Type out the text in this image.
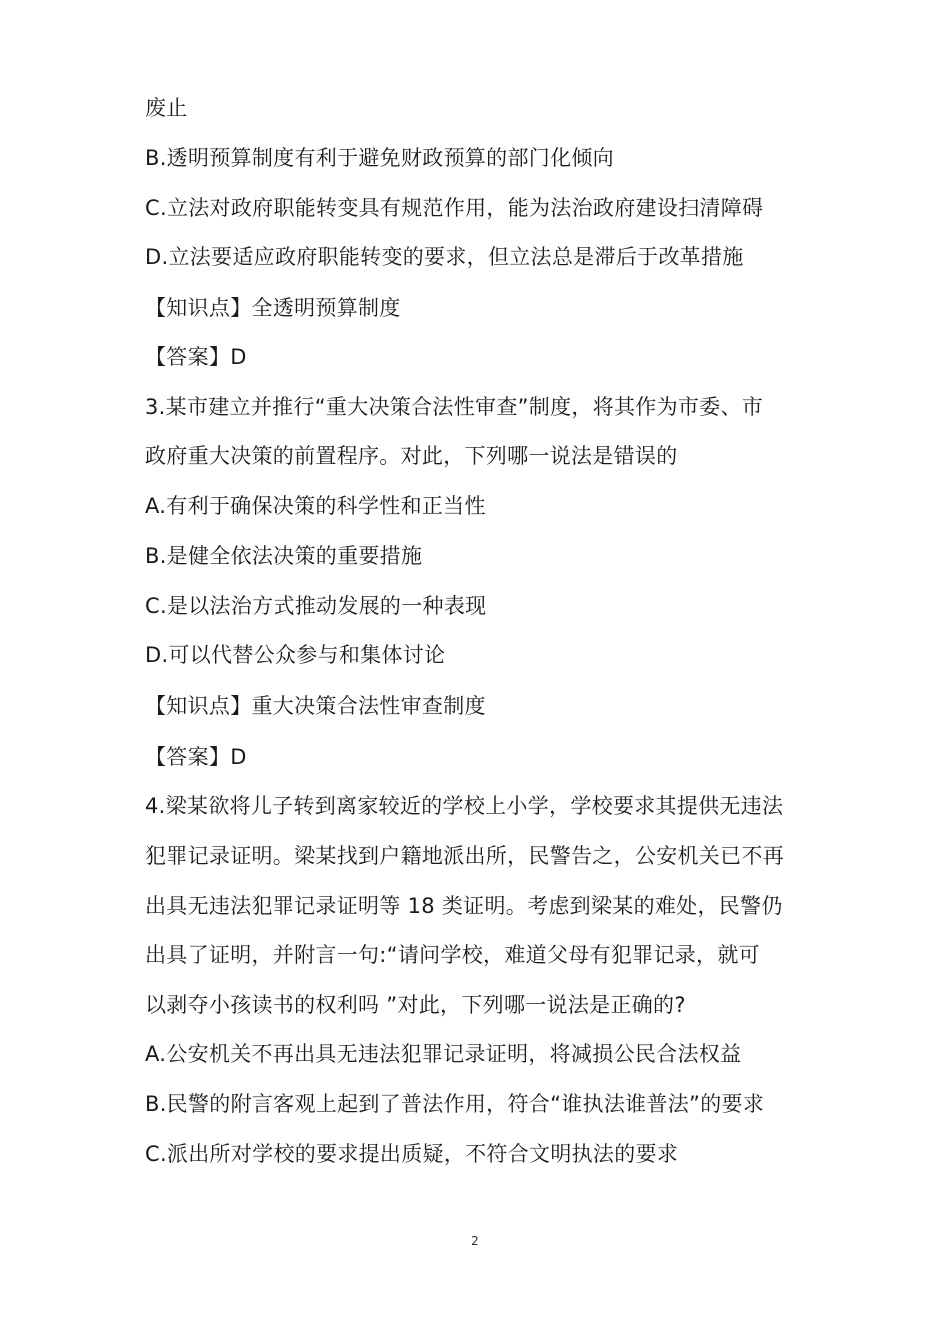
废止
B.透明预算制度有利于避免财政预算的部门化倾向
C.立法对政府职能转变具有规范作用，能为法治政府建设扫清障碍
D.立法要适应政府职能转变的要求，但立法总是滞后于改革措施
【知识点】全透明预算制度
【答案】D
3.某市建立并推行“重大决策合法性审查”制度，将其作为市委、市
政府重大决策的前置程序。对此，下列哪一说法是错误的
A.有利于确保决策的科学性和正当性
B.是健全依法决策的重要措施
C.是以法治方式推动发展的一种表现
D.可以代替公众参与和集体讨论
【知识点】重大决策合法性审查制度
【答案】D
4.梁某欲将儿子转到离家较近的学校上小学，学校要求其提供无违法
犯罪记录证明。梁某找到户籍地派出所，民警告之，公安机关已不再
出具无违法犯罪记录证明等 18 类证明。考虑到梁某的难处，民警仍
出具了证明，并附言一句:“请问学校，难道父母有犯罪记录，就可
以剥夺小孩读书的权利吗 ”对此，下列哪一说法是正确的?
A.公安机关不再出具无违法犯罪记录证明，将减损公民合法权益
B.民警的附言客观上起到了普法作用，符合“谁执法谁普法”的要求
C.派出所对学校的要求提出质疑，不符合文明执法的要求
2
